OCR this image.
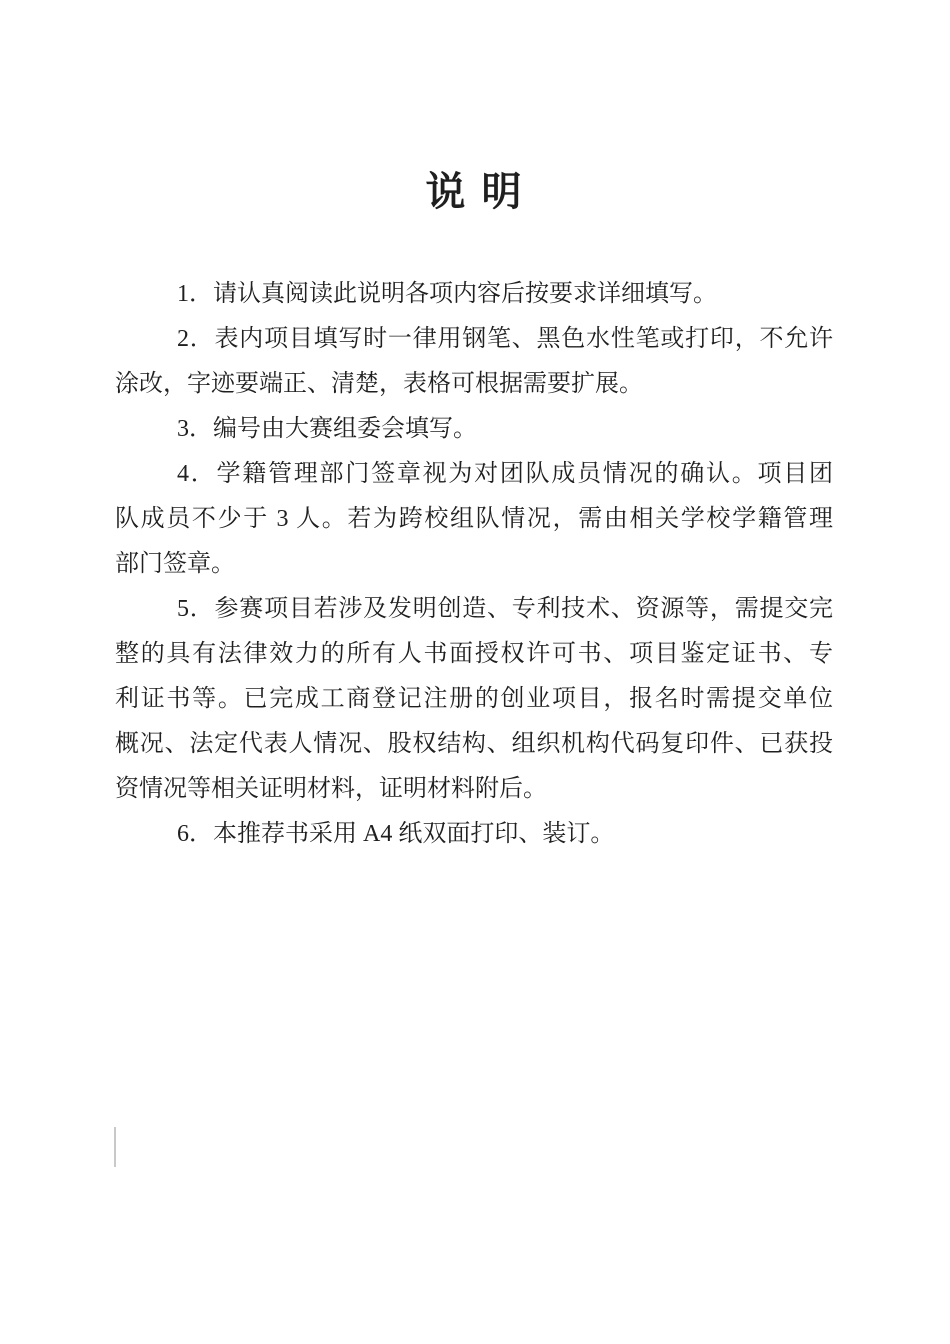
说 明
1．请认真阅读此说明各项内容后按要求详细填写。
2．表内项目填写时一律用钢笔、黑色水性笔或打印，不允许
涂改，字迹要端正、清楚，表格可根据需要扩展。
3．编号由大赛组委会填写。
4．学籍管理部门签章视为对团队成员情况的确认。项目团
队成员不少于 3 人。若为跨校组队情况，需由相关学校学籍管理
部门签章。
5．参赛项目若涉及发明创造、专利技术、资源等，需提交完
整的具有法律效力的所有人书面授权许可书、项目鉴定证书、专
利证书等。已完成工商登记注册的创业项目，报名时需提交单位
概况、法定代表人情况、股权结构、组织机构代码复印件、已获投
资情况等相关证明材料，证明材料附后。
6．本推荐书采用 A4 纸双面打印、装订。
